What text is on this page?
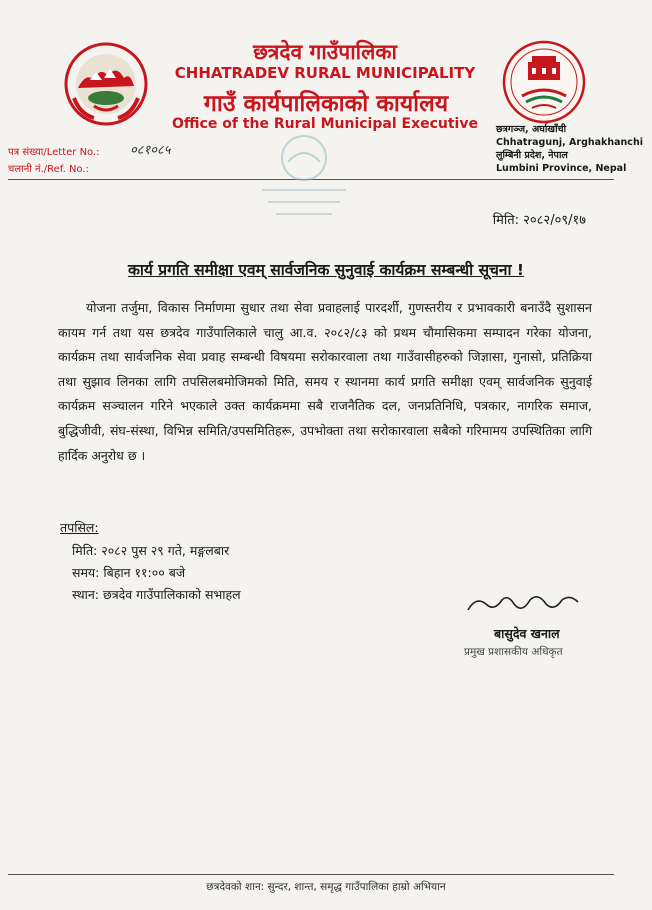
छत्रदेव गाउँपालिका
CHHATRADEV RURAL MUNICIPALITY
गाउँ कार्यपालिकाको कार्यालय
Office of the Rural Municipal Executive
पत्र संख्या/Letter No.: ०८१०८५
चलानी नं./Ref. No.:
छत्रगञ्ज, अर्घाखाँची
Chhatragunj, Arghakhanchi
लुम्बिनी प्रदेश, नेपाल
Lumbini Province, Nepal
मिति: २०८२/०९/१७
कार्य प्रगति समीक्षा एवम् सार्वजनिक सुनुवाई कार्यक्रम सम्बन्धी सूचना !
योजना तर्जुमा, विकास निर्माणमा सुधार तथा सेवा प्रवाहलाई पारदर्शी, गुणस्तरीय र प्रभावकारी बनाउँदै सुशासन कायम गर्न तथा यस छत्रदेव गाउँपालिकाले चालु आ.व. २०८२/८३ को प्रथम चौमासिकमा सम्पादन गरेका योजना, कार्यक्रम तथा सार्वजनिक सेवा प्रवाह सम्बन्धी विषयमा सरोकारवाला तथा गाउँवासीहरुको जिज्ञासा, गुनासो, प्रतिक्रिया तथा सुझाव लिनका लागि तपसिलबमोजिमको मिति, समय र स्थानमा कार्य प्रगति समीक्षा एवम् सार्वजनिक सुनुवाई कार्यक्रम सञ्चालन गरिने भएकाले उक्त कार्यक्रममा सबै राजनैतिक दल, जनप्रतिनिधि, पत्रकार, नागरिक समाज, बुद्धिजीवी, संघ-संस्था, विभिन्न समिति/उपसमितिहरू, उपभोक्ता तथा सरोकारवाला सबैको गरिमामय उपस्थितिका लागि हार्दिक अनुरोध छ ।
तपसिल:
मिति: २०८२ पुस २९ गते, मङ्गलबार
समय: बिहान ११:०० बजे
स्थान: छत्रदेव गाउँपालिकाको सभाहल
बासुदेव खनाल
प्रमुख प्रशासकीय अधिकृत
छत्रदेवको शान: सुन्दर, शान्त, समृद्ध गाउँपालिका हाम्रो अभियान
